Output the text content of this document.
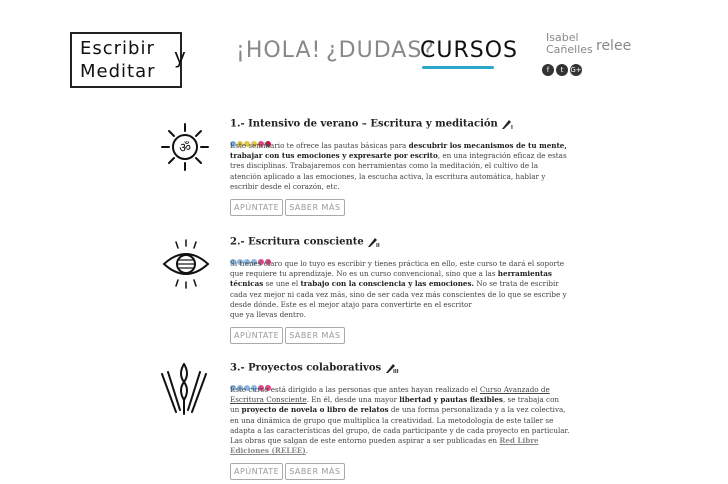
Escribir
Meditar
y ¡HOLA! ¿DUDAS?
CURSOS
Isabel
Cañelles relee
f	t G+
ॐ
1.- Intensivo de verano – Escritura y meditación	I
Este seminario te ofrece las pautas básicas para descubrir los mecanismos de tu mente, trabajar con tus emociones y expresarte por escrito, en una integración eficaz de estas tres disciplinas. Trabajaremos con herramientas como la meditación, el cultivo de la atención aplicado a las emociones, la escucha activa, la escritura automática, hablar y escribir desde el corazón, etc.
APÚNTATE SABER MÁS
2.- Escritura consciente II
Si tienes claro que lo tuyo es escribir y tienes práctica en ello, este curso te dará el soporte que requiere tu aprendizaje. No es un curso convencional, sino que a las herramientas técnicas se une el trabajo con la consciencia y las emociones. No se trata de escribir cada vez mejor ni cada vez más, sino de ser cada vez más conscientes de lo que se escribe y desde dónde. Este es el mejor atajo para convertirte en el escritor
que ya llevas dentro.
APÚNTATE SABER MÁS
3.- Proyectos colaborativos III
Este curso está dirigido a las personas que antes hayan realizado el Curso Avanzado de Escritura Consciente. En él, desde una mayor libertad y pautas flexibles, se trabaja con
un proyecto de novela o libro de relatos de una forma personalizada y a la vez colectiva, en una dinámica de grupo que multiplica la creatividad. La metodología de este taller se adapta a las características del grupo, de cada participante y de cada proyecto en particular. Las obras que salgan de este entorno pueden aspirar a ser publicadas en Red Libre Ediciones (RELEE).
APÚNTATE SABER MÁS
